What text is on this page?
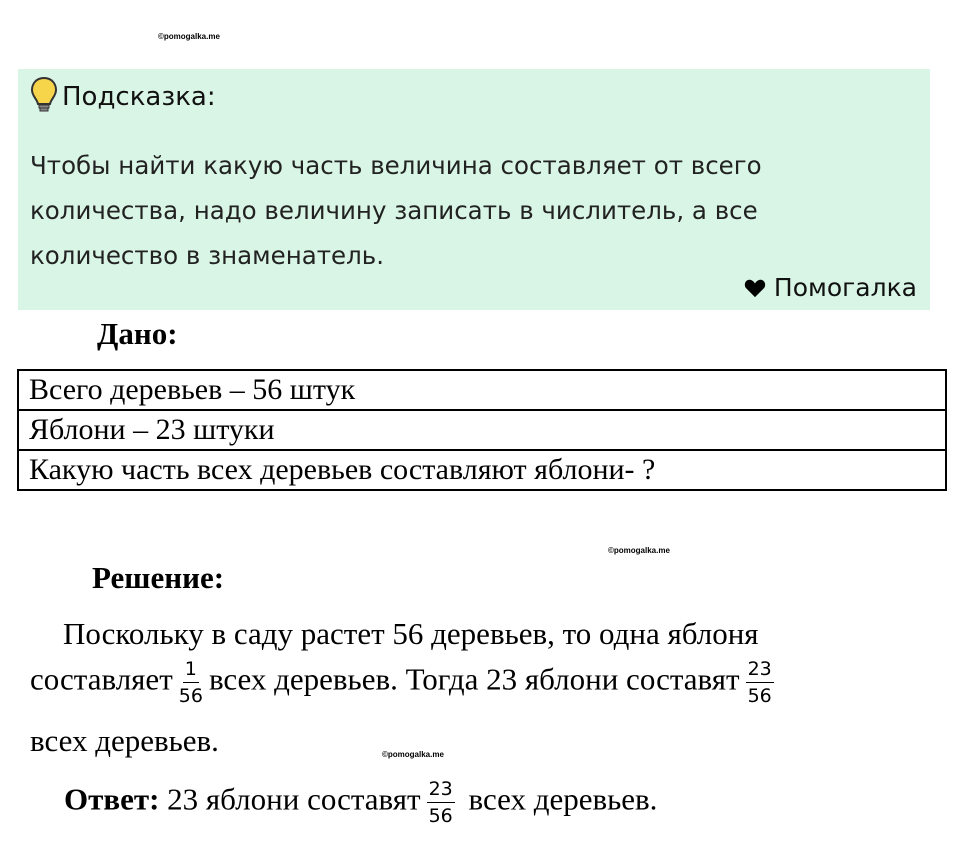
©pomogalka.me
Подсказка:
Чтобы найти какую часть величина составляет от всего
количества, надо величину записать в числитель, а все
количество в знаменатель.
Помогалка
Дано:
Всего деревьев – 56 штук
Яблони – 23 штуки
Какую часть всех деревьев составляют яблони- ?
©pomogalka.me
Решение:
Поскольку в саду растет 56 деревьев, то одна яблоня
составляет $\frac{1}{56}$ всех деревьев. Тогда 23 яблони составят $\frac{23}{56}$
всех деревьев.	©pomogalka.me
Ответ: 23 яблони составят $\frac{23}{56}$ всех деревьев.
